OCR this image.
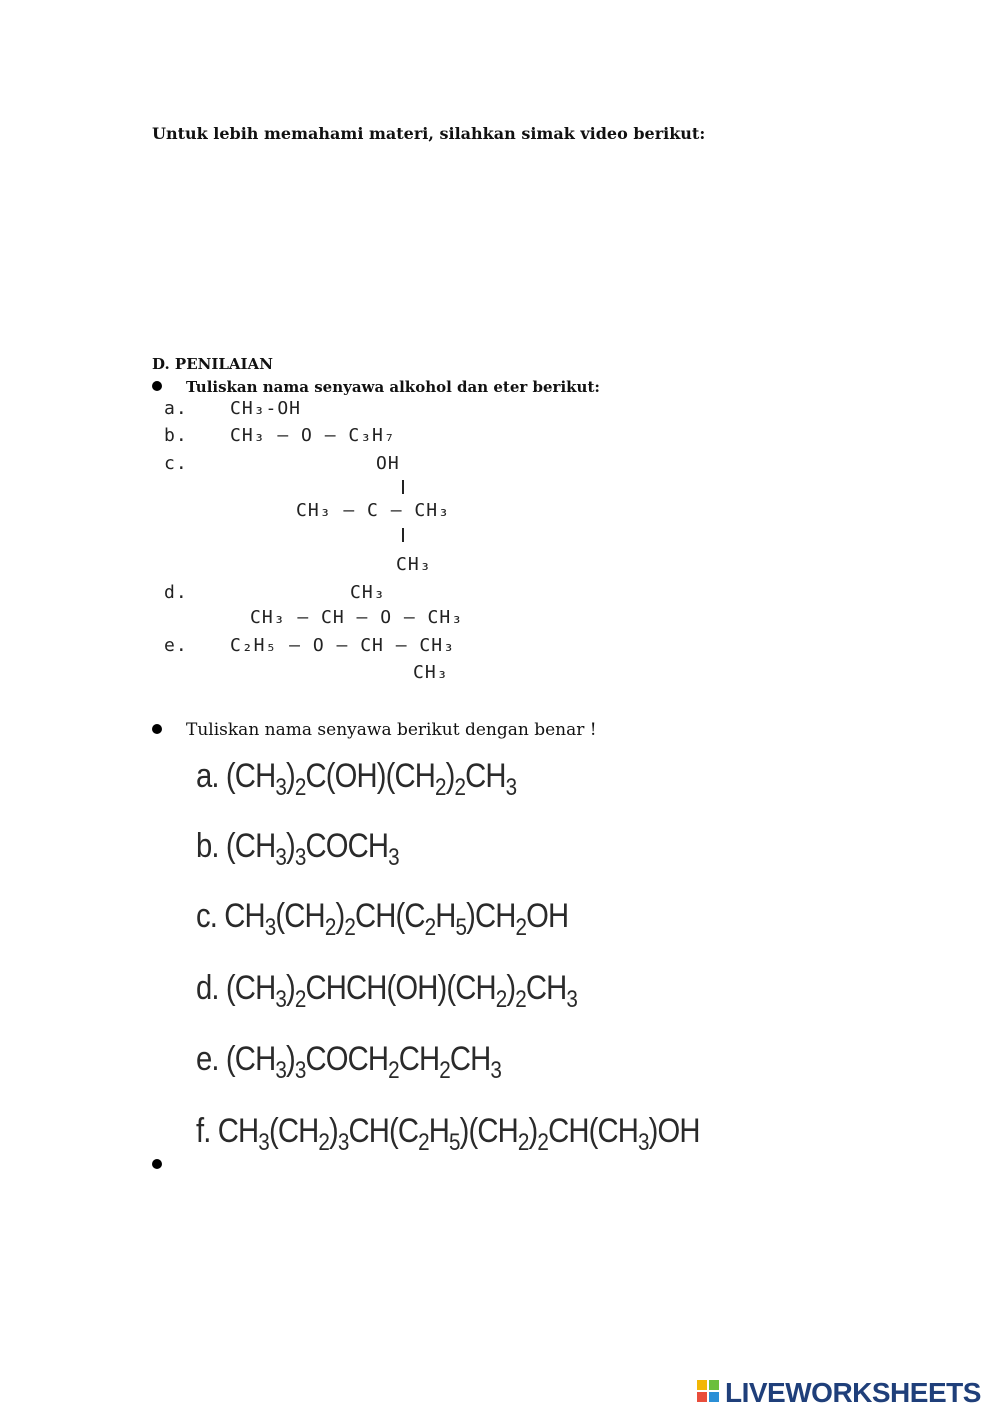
Untuk lebih memahami materi, silahkan simak video berikut:
D. PENILAIAN
Tuliskan nama senyawa alkohol dan eter berikut:
a. CH₃-OH
b. CH₃ — O — C₃H₇
c.	OH
CH₃ — C — CH₃
CH₃
d.	CH₃
CH₃ — CH — O — CH₃
e. C₂H₅ — O — CH — CH₃
CH₃
Tuliskan nama senyawa berikut dengan benar !
a. $(CH_3)_2C(OH)(CH_2)_2CH_3$
b. $(CH_3)_3COCH_3$
c. $CH_3(CH_2)_2CH(C_2H_5)CH_2OH$
d. $(CH_3)_2CHCH(OH)(CH_2)_2CH_3$
e. $(CH_3)_3COCH_2CH_2CH_3$
f. $CH_3(CH_2)_3CH(C_2H_5)(CH_2)_2CH(CH_3)OH$
LIVEWORKSHEETS
